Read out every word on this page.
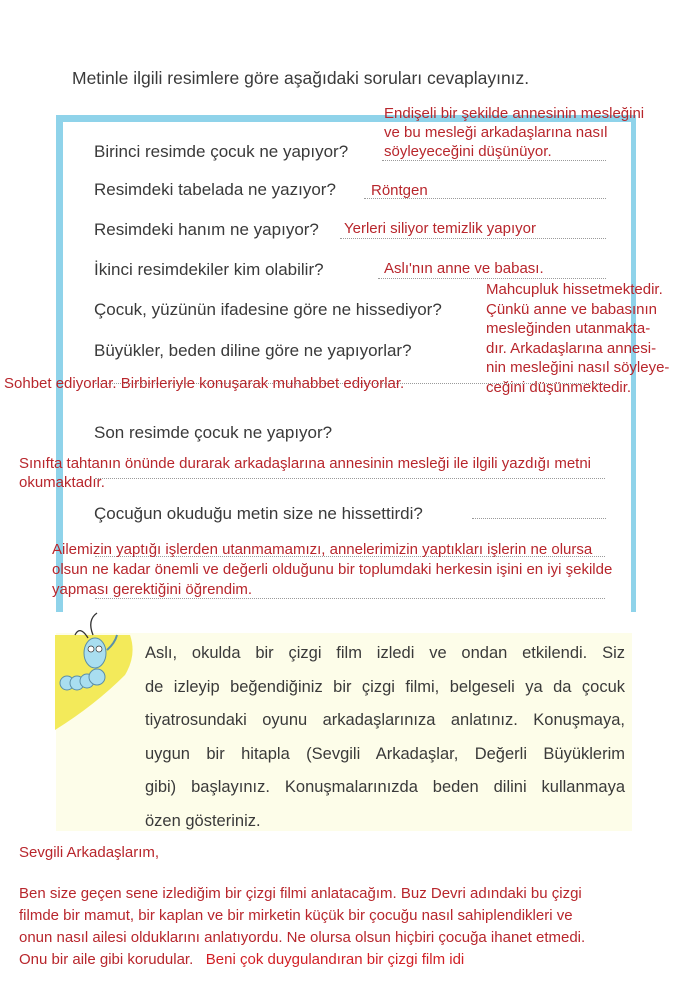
Metinle ilgili resimlere göre aşağıdaki soruları cevaplayınız.
Birinci resimde çocuk ne yapıyor?
Resimdeki tabelada ne yazıyor?
Resimdeki hanım ne yapıyor?
İkinci resimdekiler kim olabilir?
Çocuk, yüzünün ifadesine göre ne hissediyor?
Büyükler, beden diline göre ne yapıyorlar?
Son resimde çocuk ne yapıyor?
Çocuğun okuduğu metin size ne hissettirdi?
Endişeli bir şekilde annesinin mesleğini
ve bu mesleği arkadaşlarına nasıl
söyleyeceğini düşünüyor.
Röntgen
Yerleri siliyor temizlik yapıyor
Aslı'nın anne ve babası.
Mahcupluk hissetmektedir.
Çünkü anne ve babasının
mesleğinden utanmakta-
dır. Arkadaşlarına annesi-
nin mesleğini nasıl söyleye-
ceğini düşünmektedir.
Sohbet ediyorlar. Birbirleriyle konuşarak muhabbet ediyorlar.
Sınıfta tahtanın önünde durarak arkadaşlarına annesinin mesleği ile ilgili yazdığı metni
okumaktadır.
Ailemizin yaptığı işlerden utanmamamızı, annelerimizin yaptıkları işlerin ne olursa
olsun ne kadar önemli ve değerli olduğunu bir toplumdaki herkesin işini en iyi şekilde
yapması gerektiğini öğrendim.
Aslı, okulda bir çizgi film izledi ve ondan etkilendi. Siz
de izleyip beğendiğiniz bir çizgi filmi, belgeseli ya da çocuk
tiyatrosundaki oyunu arkadaşlarınıza anlatınız. Konuşmaya,
uygun bir hitapla (Sevgili Arkadaşlar, Değerli Büyüklerim
gibi) başlayınız. Konuşmalarınızda beden dilini kullanmaya
özen gösteriniz.
Sevgili Arkadaşlarım,
Ben size geçen sene izlediğim bir çizgi filmi anlatacağım. Buz Devri adındaki bu çizgi
filmde bir mamut, bir kaplan ve bir mirketin küçük bir çocuğu nasıl sahiplendikleri ve
onun nasıl ailesi olduklarını anlatıyordu. Ne olursa olsun hiçbiri çocuğa ihanet etmedi.
Onu bir aile gibi korudular. Beni çok duygulandıran bir çizgi film idi
